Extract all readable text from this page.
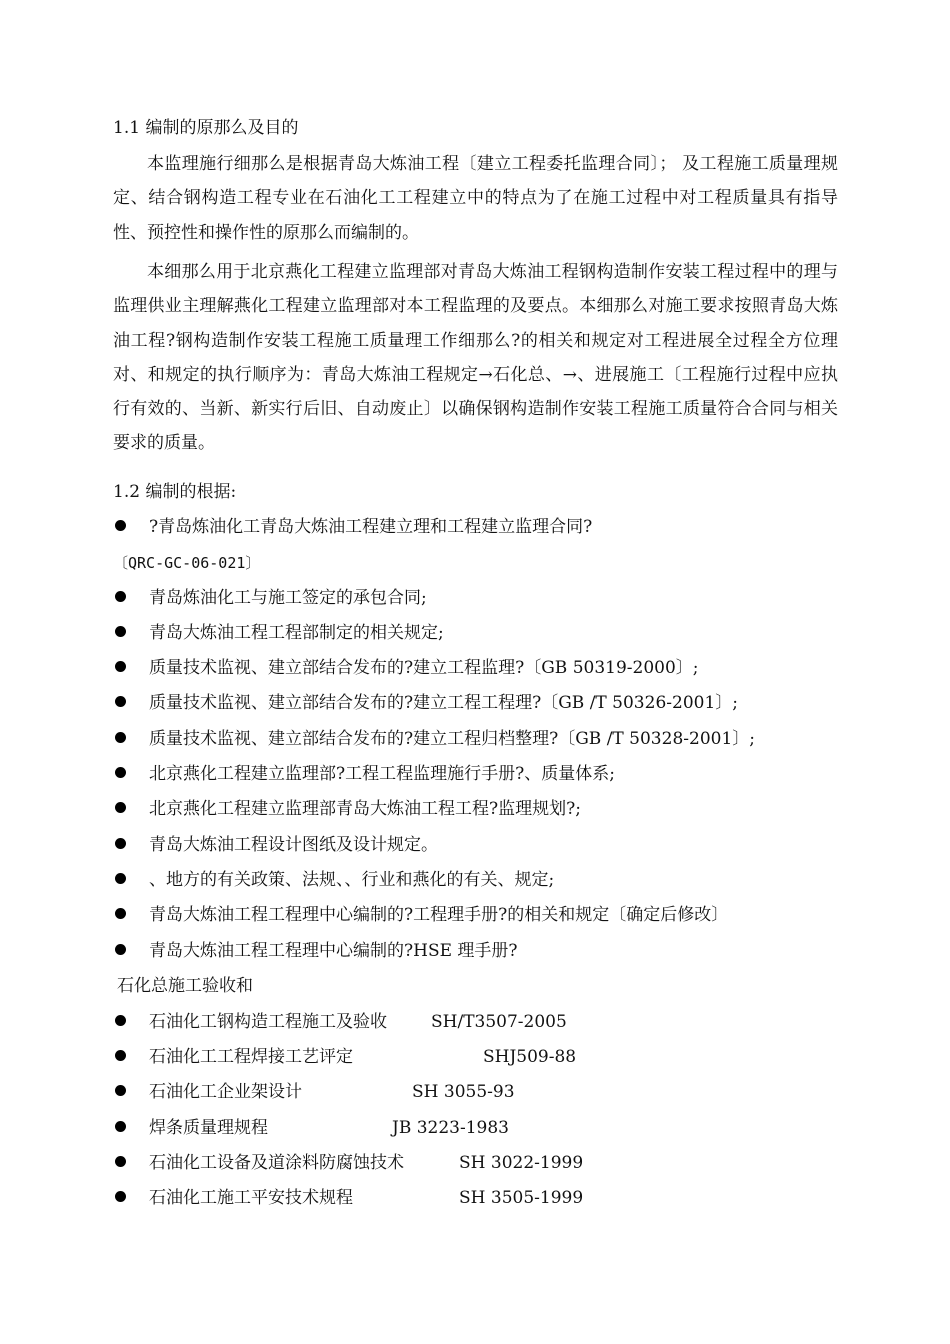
1.1 编制的原那么及目的
本监理施行细那么是根据青岛大炼油工程〔建立工程委托监理合同〕； 及工程施工质量理规定、结合钢构造工程专业在石油化工工程建立中的特点为了在施工过程中对工程质量具有指导性、预控性和操作性的原那么而编制的。
本细那么用于北京燕化工程建立监理部对青岛大炼油工程钢构造制作安装工程过程中的理与监理供业主理解燕化工程建立监理部对本工程监理的及要点。本细那么对施工要求按照青岛大炼油工程?钢构造制作安装工程施工质量理工作细那么?的相关和规定对工程进展全过程全方位理对、和规定的执行顺序为：青岛大炼油工程规定→石化总、→、进展施工〔工程施行过程中应执行有效的、当新、新实行后旧、自动废止〕以确保钢构造制作安装工程施工质量符合合同与相关要求的质量。
1.2 编制的根据:
?青岛炼油化工青岛大炼油工程建立理和工程建立监理合同?
〔QRC-GC-06-021〕
青岛炼油化工与施工签定的承包合同;
青岛大炼油工程工程部制定的相关规定;
质量技术监视、建立部结合发布的?建立工程监理?〔GB 50319-2000〕;
质量技术监视、建立部结合发布的?建立工程工程理?〔GB /T 50326-2001〕;
质量技术监视、建立部结合发布的?建立工程归档整理?〔GB /T 50328-2001〕;
北京燕化工程建立监理部?工程工程监理施行手册?、质量体系;
北京燕化工程建立监理部青岛大炼油工程工程?监理规划?;
青岛大炼油工程设计图纸及设计规定。
、地方的有关政策、法规、、行业和燕化的有关、规定;
青岛大炼油工程工程理中心编制的?工程理手册?的相关和规定〔确定后修改〕
青岛大炼油工程工程理中心编制的?HSE 理手册?
石化总施工验收和
石油化工钢构造工程施工及验收	SH/T3507-2005
石油化工工程焊接工艺评定	SHJ509-88
石油化工企业架设计	SH 3055-93
焊条质量理规程	JB 3223-1983
石油化工设备及道涂料防腐蚀技术	SH 3022-1999
石油化工施工平安技术规程	SH 3505-1999
